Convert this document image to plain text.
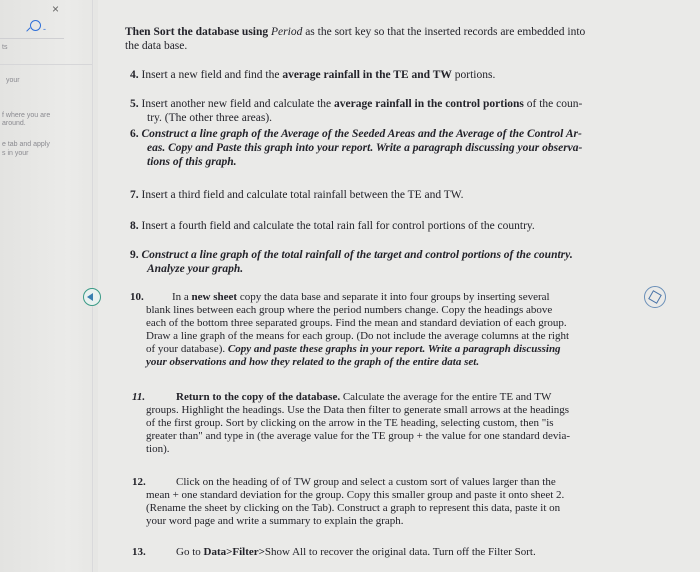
-
×
ts
your
f where you are
around.
e tab and apply
s in your
Then Sort the database using Period as the sort key so that the inserted records are embedded into
the data base.
4. Insert a new field and find the average rainfall in the TE and TW portions.
5. Insert another new field and calculate the average rainfall in the control portions of the coun-
try. (The other three areas).
6. Construct a line graph of the Average of the Seeded Areas and the Average of the Control Ar-
eas. Copy and Paste this graph into your report. Write a paragraph discussing your observa-
tions of this graph.
7. Insert a third field and calculate total rainfall between the TE and TW.
8. Insert a fourth field and calculate the total rain fall for control portions of the country.
9. Construct a line graph of the total rainfall of the target and control portions of the country.
Analyze your graph.
10.	In a new sheet copy the data base and separate it into four groups by inserting several
blank lines between each group where the period numbers change. Copy the headings above
each of the bottom three separated groups. Find the mean and standard deviation of each group.
Draw a line graph of the means for each group. (Do not include the average columns at the right
of your database). Copy and paste these graphs in your report. Write a paragraph discussing
your observations and how they related to the graph of the entire data set.
11.	Return to the copy of the database. Calculate the average for the entire TE and TW
groups. Highlight the headings. Use the Data then filter to generate small arrows at the headings
of the first group. Sort by clicking on the arrow in the TE heading, selecting custom, then "is
greater than" and type in (the average value for the TE group + the value for one standard devia-
tion).
12.	Click on the heading of of TW group and select a custom sort of values larger than the
mean + one standard deviation for the group. Copy this smaller group and paste it onto sheet 2.
(Rename the sheet by clicking on the Tab). Construct a graph to represent this data, paste it on
your word page and write a summary to explain the graph.
13.	Go to Data>Filter>Show All to recover the original data. Turn off the Filter Sort.
